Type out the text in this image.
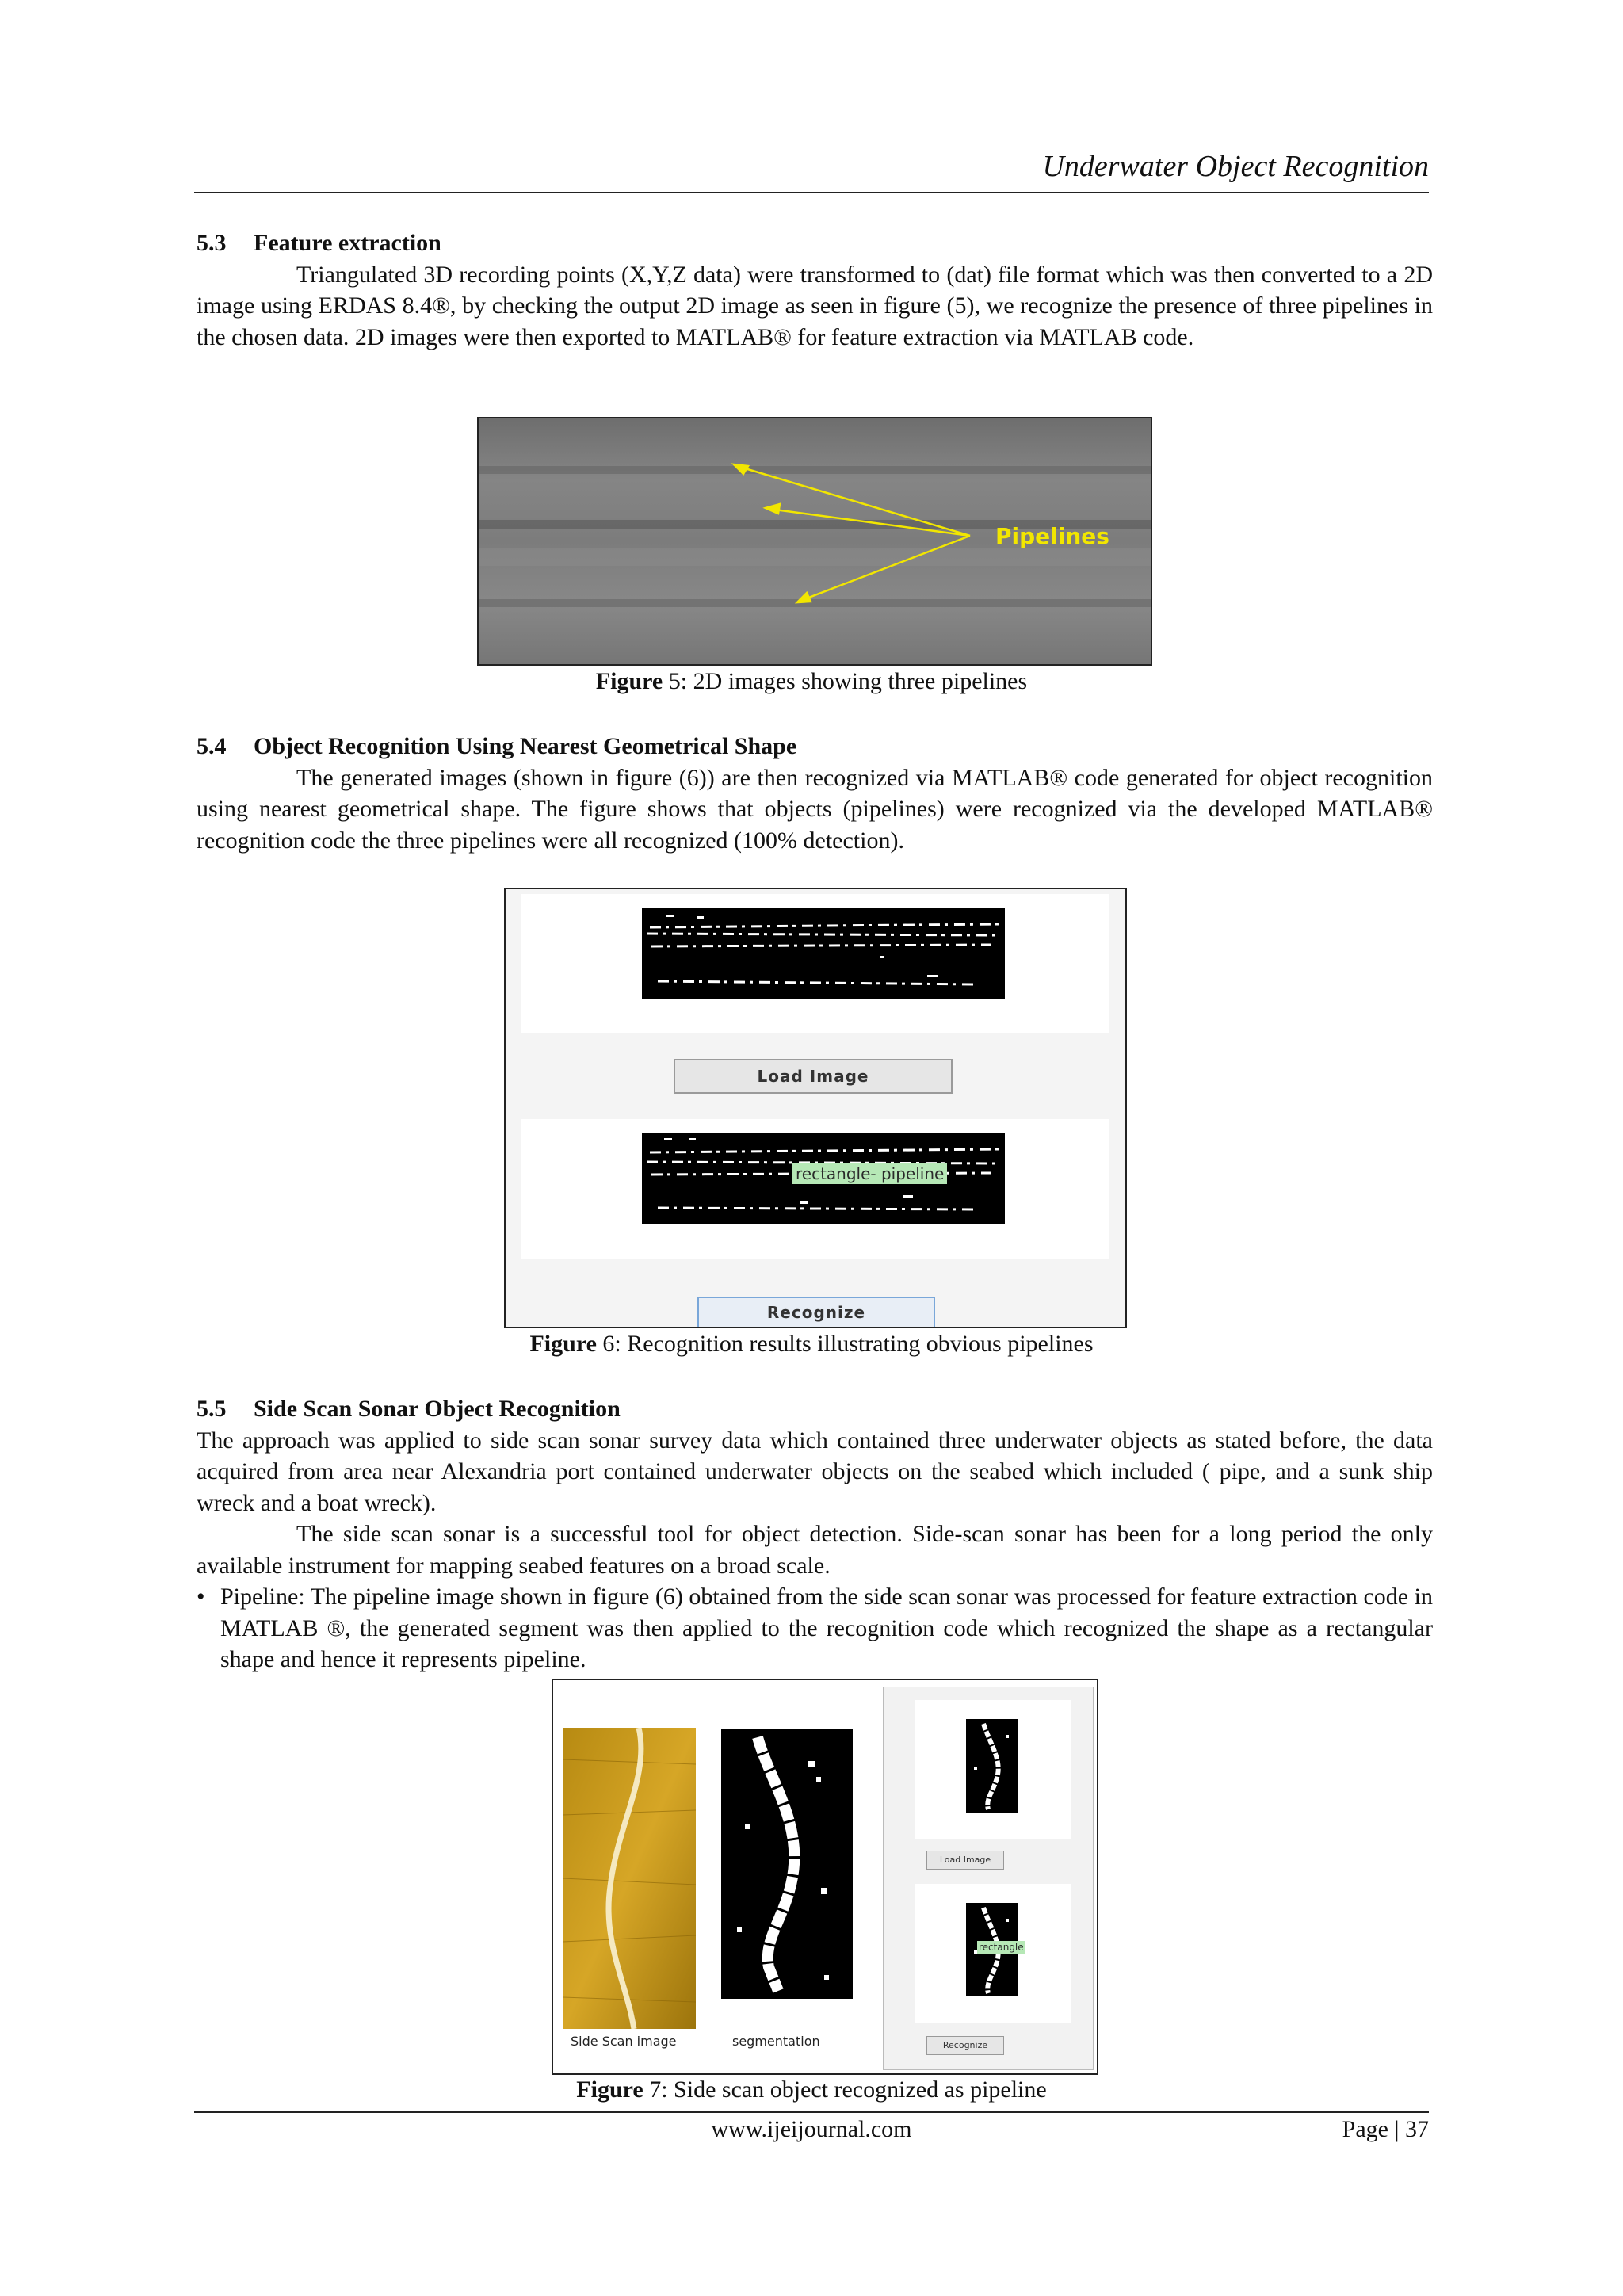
Underwater Object Recognition
5.3 Feature extraction

Triangulated 3D recording points (X,Y,Z data) were transformed to (dat) file format which was then converted to a 2D image using ERDAS 8.4®, by checking the output 2D image as seen in figure (5), we recognize the presence of three pipelines in the chosen data. 2D images were then exported to MATLAB® for feature extraction via MATLAB code.

Pipelines
Figure 5: 2D images showing three pipelines
5.4 Object Recognition Using Nearest Geometrical Shape

The generated images (shown in figure (6)) are then recognized via MATLAB® code generated for object recognition using nearest geometrical shape. The figure shows that objects (pipelines) were recognized via the developed MATLAB® recognition code the three pipelines were all recognized (100% detection).

Load Image
rectangle- pipeline
Recognize
Figure 6: Recognition results illustrating obvious pipelines
5.5 Side Scan Sonar Object Recognition

The approach was applied to side scan sonar survey data which contained three underwater objects as stated before, the data acquired from area near Alexandria port contained underwater objects on the seabed which included ( pipe, and a sunk ship wreck and a boat wreck).

The side scan sonar is a successful tool for object detection. Side-scan sonar has been for a long period the only available instrument for mapping seabed features on a broad scale.

• Pipeline: The pipeline image shown in figure (6) obtained from the side scan sonar was processed for feature extraction code in MATLAB ®, the generated segment was then applied to the recognition code which recognized the shape as a rectangular shape and hence it represents pipeline.
Side Scan image	segmentation
Load Image
rectangle
Recognize
Figure 7: Side scan object recognized as pipeline
www.ijeijournal.com	Page | 37
